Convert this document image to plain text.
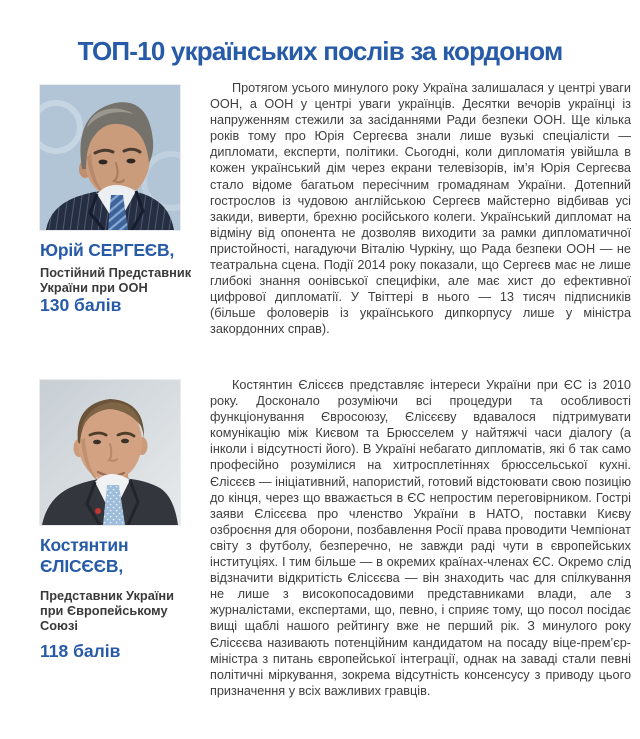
ТОП-10 українських послів за кордоном
Юрій СЕРГЕЄВ,
Постійний Представник України при ООН
130 балів

Протягом усього минулого року Україна залишалася у центрі уваги ООН, а ООН у центрі уваги українців. Десятки вечорів українці із напруженням стежили за засіданнями Ради безпеки ООН. Ще кілька років тому про Юрія Сергеєва знали лише вузькі спеціалісти — дипломати, експерти, політики. Сьогодні, коли дипломатія увійшла в кожен український дім через екрани телевізорів, ім’я Юрія Сергеєва стало відоме багатьом пересічним громадянам України. Дотепний гострослов із чудовою англійською Сергеєв майстерно відбивав усі закиди, виверти, брехню російського колеги. Український дипломат на відміну від опонента не дозволяв виходити за рамки дипломатичної пристойності, нагадуючи Віталію Чуркіну, що Рада безпеки ООН — не театральна сцена. Події 2014 року показали, що Сергеєв має не лише глибокі знання оонівської специфіки, але має хист до ефективної цифрової дипломатії. У Твіттері в нього — 13 тисяч підписників (більше фоловерів із українського дипкорпусу лише у міністра закордонних справ).

Костянтин ЄЛІСЄЄВ,
Представник України при Європейському Союзі
118 балів

Костянтин Єлісєєв представляє інтереси України при ЄС із 2010 року. Досконало розуміючи всі процедури та особливості функціонування Євросоюзу, Єлісєєву вдавалося підтримувати комунікацію між Києвом та Брюсселем у найтяжчі часи діалогу (а інколи і відсутності його). В Україні небагато дипломатів, які б так само професійно розумілися на хитросплетіннях брюссельської кухні. Єлісєєв — ініціативний, напористий, готовий відстоювати свою позицію до кінця, через що вважається в ЄС непростим переговірником. Гострі заяви Єлісєєва про членство України в НАТО, поставки Києву озброєння для оборони, позбавлення Росії права проводити Чемпіонат світу з футболу, безперечно, не завжди раді чути в європейських інституціях. І тим більше — в окремих країнах-членах ЄС. Окремо слід відзначити відкритість Єлісєєва — він знаходить час для спілкування не лише з високопосадовими представниками влади, але з журналістами, експертами, що, певно, і сприяє тому, що посол посідає вищі щаблі нашого рейтингу вже не перший рік. З минулого року Єлісєєва називають потенційним кандидатом на посаду віце-прем’єр-міністра з питань європейської інтеграції, однак на заваді стали певні політичні міркування, зокрема відсутність консенсусу з приводу цього призначення у всіх важливих гравців.
